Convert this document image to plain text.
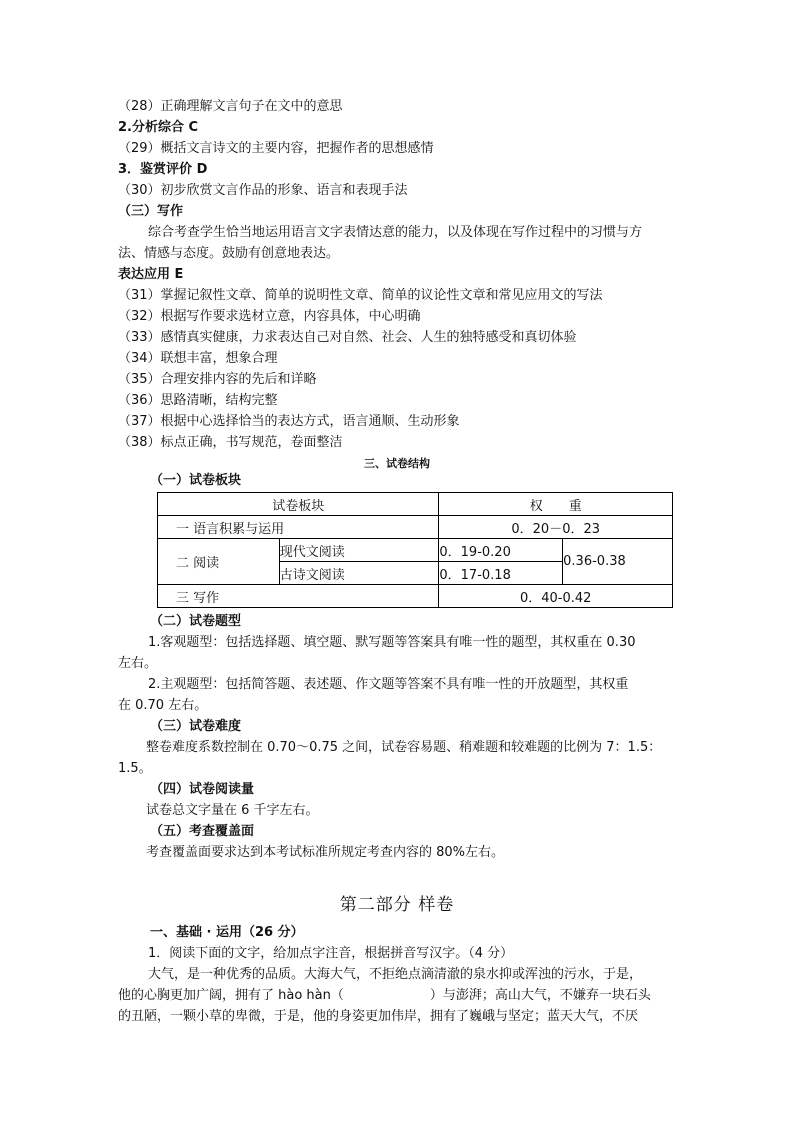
（28）正确理解文言句子在文中的意思
2.分析综合 C
（29）概括文言诗文的主要内容，把握作者的思想感情
3．鉴赏评价 D
（30）初步欣赏文言作品的形象、语言和表现手法
（三）写作
综合考查学生恰当地运用语言文字表情达意的能力，以及体现在写作过程中的习惯与方
法、情感与态度。鼓励有创意地表达。
表达应用 E
（31）掌握记叙性文章、简单的说明性文章、简单的议论性文章和常见应用文的写法
（32）根据写作要求选材立意，内容具体，中心明确
（33）感情真实健康，力求表达自己对自然、社会、人生的独特感受和真切体验
（34）联想丰富，想象合理
（35）合理安排内容的先后和详略
（36）思路清晰，结构完整
（37）根据中心选择恰当的表达方式，语言通顺、生动形象
（38）标点正确，书写规范，卷面整洁
三、试卷结构
（一）试卷板块
试卷板块		权　　重	
一 语言积累与运用		0．20－0．23	
二 阅读	现代文阅读	0．19-0.20	0.36-0.38
	古诗文阅读	0．17-0.18	
三 写作		0．40-0.42	
（二）试卷题型
1.客观题型：包括选择题、填空题、默写题等答案具有唯一性的题型，其权重在 0.30
左右。
2.主观题型：包括简答题、表述题、作文题等答案不具有唯一性的开放题型，其权重
在 0.70 左右。
（三）试卷难度
整卷难度系数控制在 0.70～0.75 之间，试卷容易题、稍难题和较难题的比例为 7：1.5：
1.5。
（四）试卷阅读量
试卷总文字量在 6 千字左右。
（五）考查覆盖面
考查覆盖面要求达到本考试标准所规定考查内容的 80%左右。
第二部分 样卷
一、基础 · 运用（26 分）
1．阅读下面的文字，给加点字注音，根据拼音写汉字。（4 分）
大气，是一种优秀的品质。大海大气，不拒绝点滴清澈的泉水抑或浑浊的污水，于是，
他的心胸更加广阔，拥有了 hào hàn（	）与澎湃；高山大气，不嫌弃一块石头
的丑陋，一颗小草的卑微，于是，他的身姿更加伟岸，拥有了巍峨与坚定；蓝天大气，不厌
